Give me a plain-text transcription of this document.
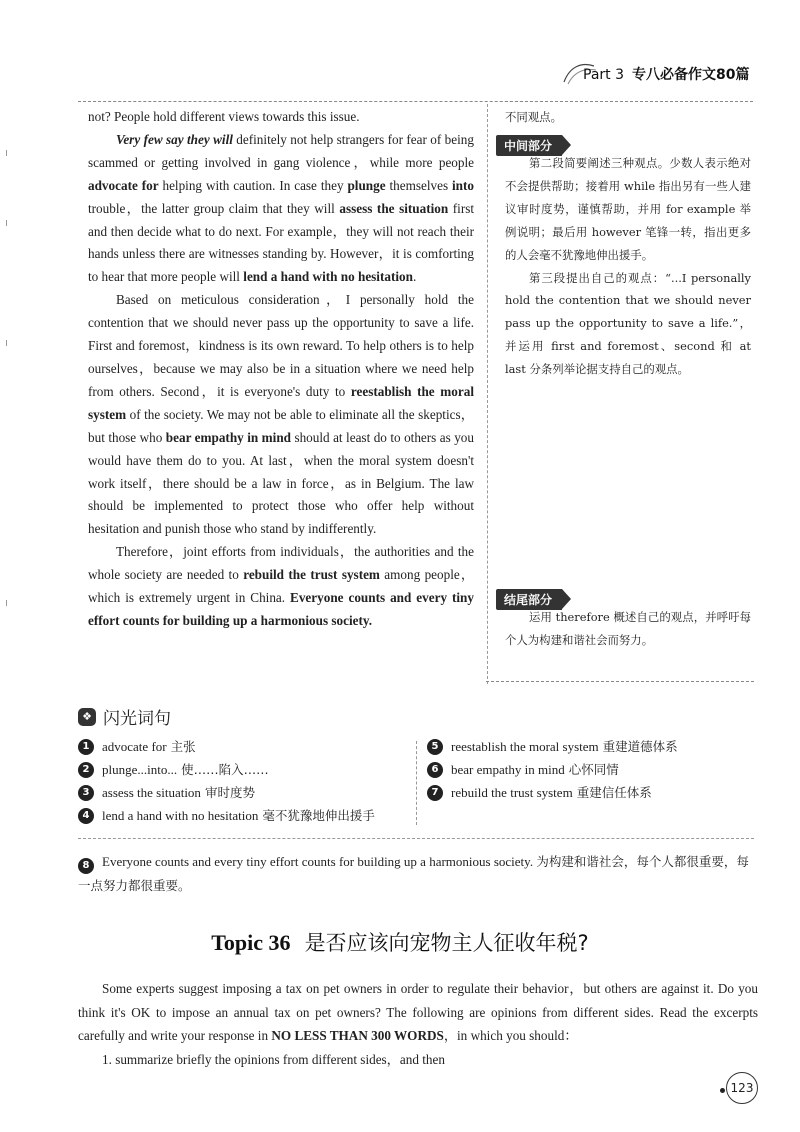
Part 3 专八必备作文80篇

not? People hold different views towards this issue.

Very few say they will definitely not help strangers for fear of being scammed or getting involved in gang violence，while more people advocate for helping with caution. In case they plunge themselves into trouble，the latter group claim that they will assess the situation first and then decide what to do next. For example，they will not reach their hands unless there are witnesses standing by. However，it is comforting to hear that more people will lend a hand with no hesitation.

Based on meticulous consideration，I personally hold the contention that we should never pass up the opportunity to save a life. First and foremost，kindness is its own reward. To help others is to help ourselves，because we may also be in a situation where we need help from others. Second，it is everyone's duty to reestablish the moral system of the society. We may not be able to eliminate all the skeptics，but those who bear empathy in mind should at least do to others as you would have them do to you. At last，when the moral system doesn't work itself，there should be a law in force，as in Belgium. The law should be implemented to protect those who offer help without hesitation and punish those who stand by indifferently.

Therefore，joint efforts from individuals，the authorities and the whole society are needed to rebuild the trust system among people，which is extremely urgent in China. Everyone counts and every tiny effort counts for building up a harmonious society.

不同观点。

中间部分

第二段简要阐述三种观点。少数人表示绝对不会提供帮助；接着用 while 指出另有一些人建议审时度势，谨慎帮助，并用 for example 举例说明；最后用 however 笔锋一转，指出更多的人会毫不犹豫地伸出援手。

第三段提出自己的观点：“...I personally hold the contention that we should never pass up the opportunity to save a life.”，并运用 first and foremost、second 和 at last 分条列举论据支持自己的观点。

结尾部分

运用 therefore 概述自己的观点，并呼吁每个人为构建和谐社会而努力。

❖ 闪光词句
1 advocate for 主张
2 plunge...into... 使……陷入……
3 assess the situation 审时度势
4 lend a hand with no hesitation 毫不犹豫地伸出援手
5 reestablish the moral system 重建道德体系
6 bear empathy in mind 心怀同情
7 rebuild the trust system 重建信任体系
8 Everyone counts and every tiny effort counts for building up a harmonious society. 为构建和谐社会，每个人都很重要，每一点努力都很重要。
Topic 36 是否应该向宠物主人征收年税?

Some experts suggest imposing a tax on pet owners in order to regulate their behavior，but others are against it. Do you think it's OK to impose an annual tax on pet owners? The following are opinions from different sides. Read the excerpts carefully and write your response in NO LESS THAN 300 WORDS，in which you should：

1. summarize briefly the opinions from different sides，and then

123
